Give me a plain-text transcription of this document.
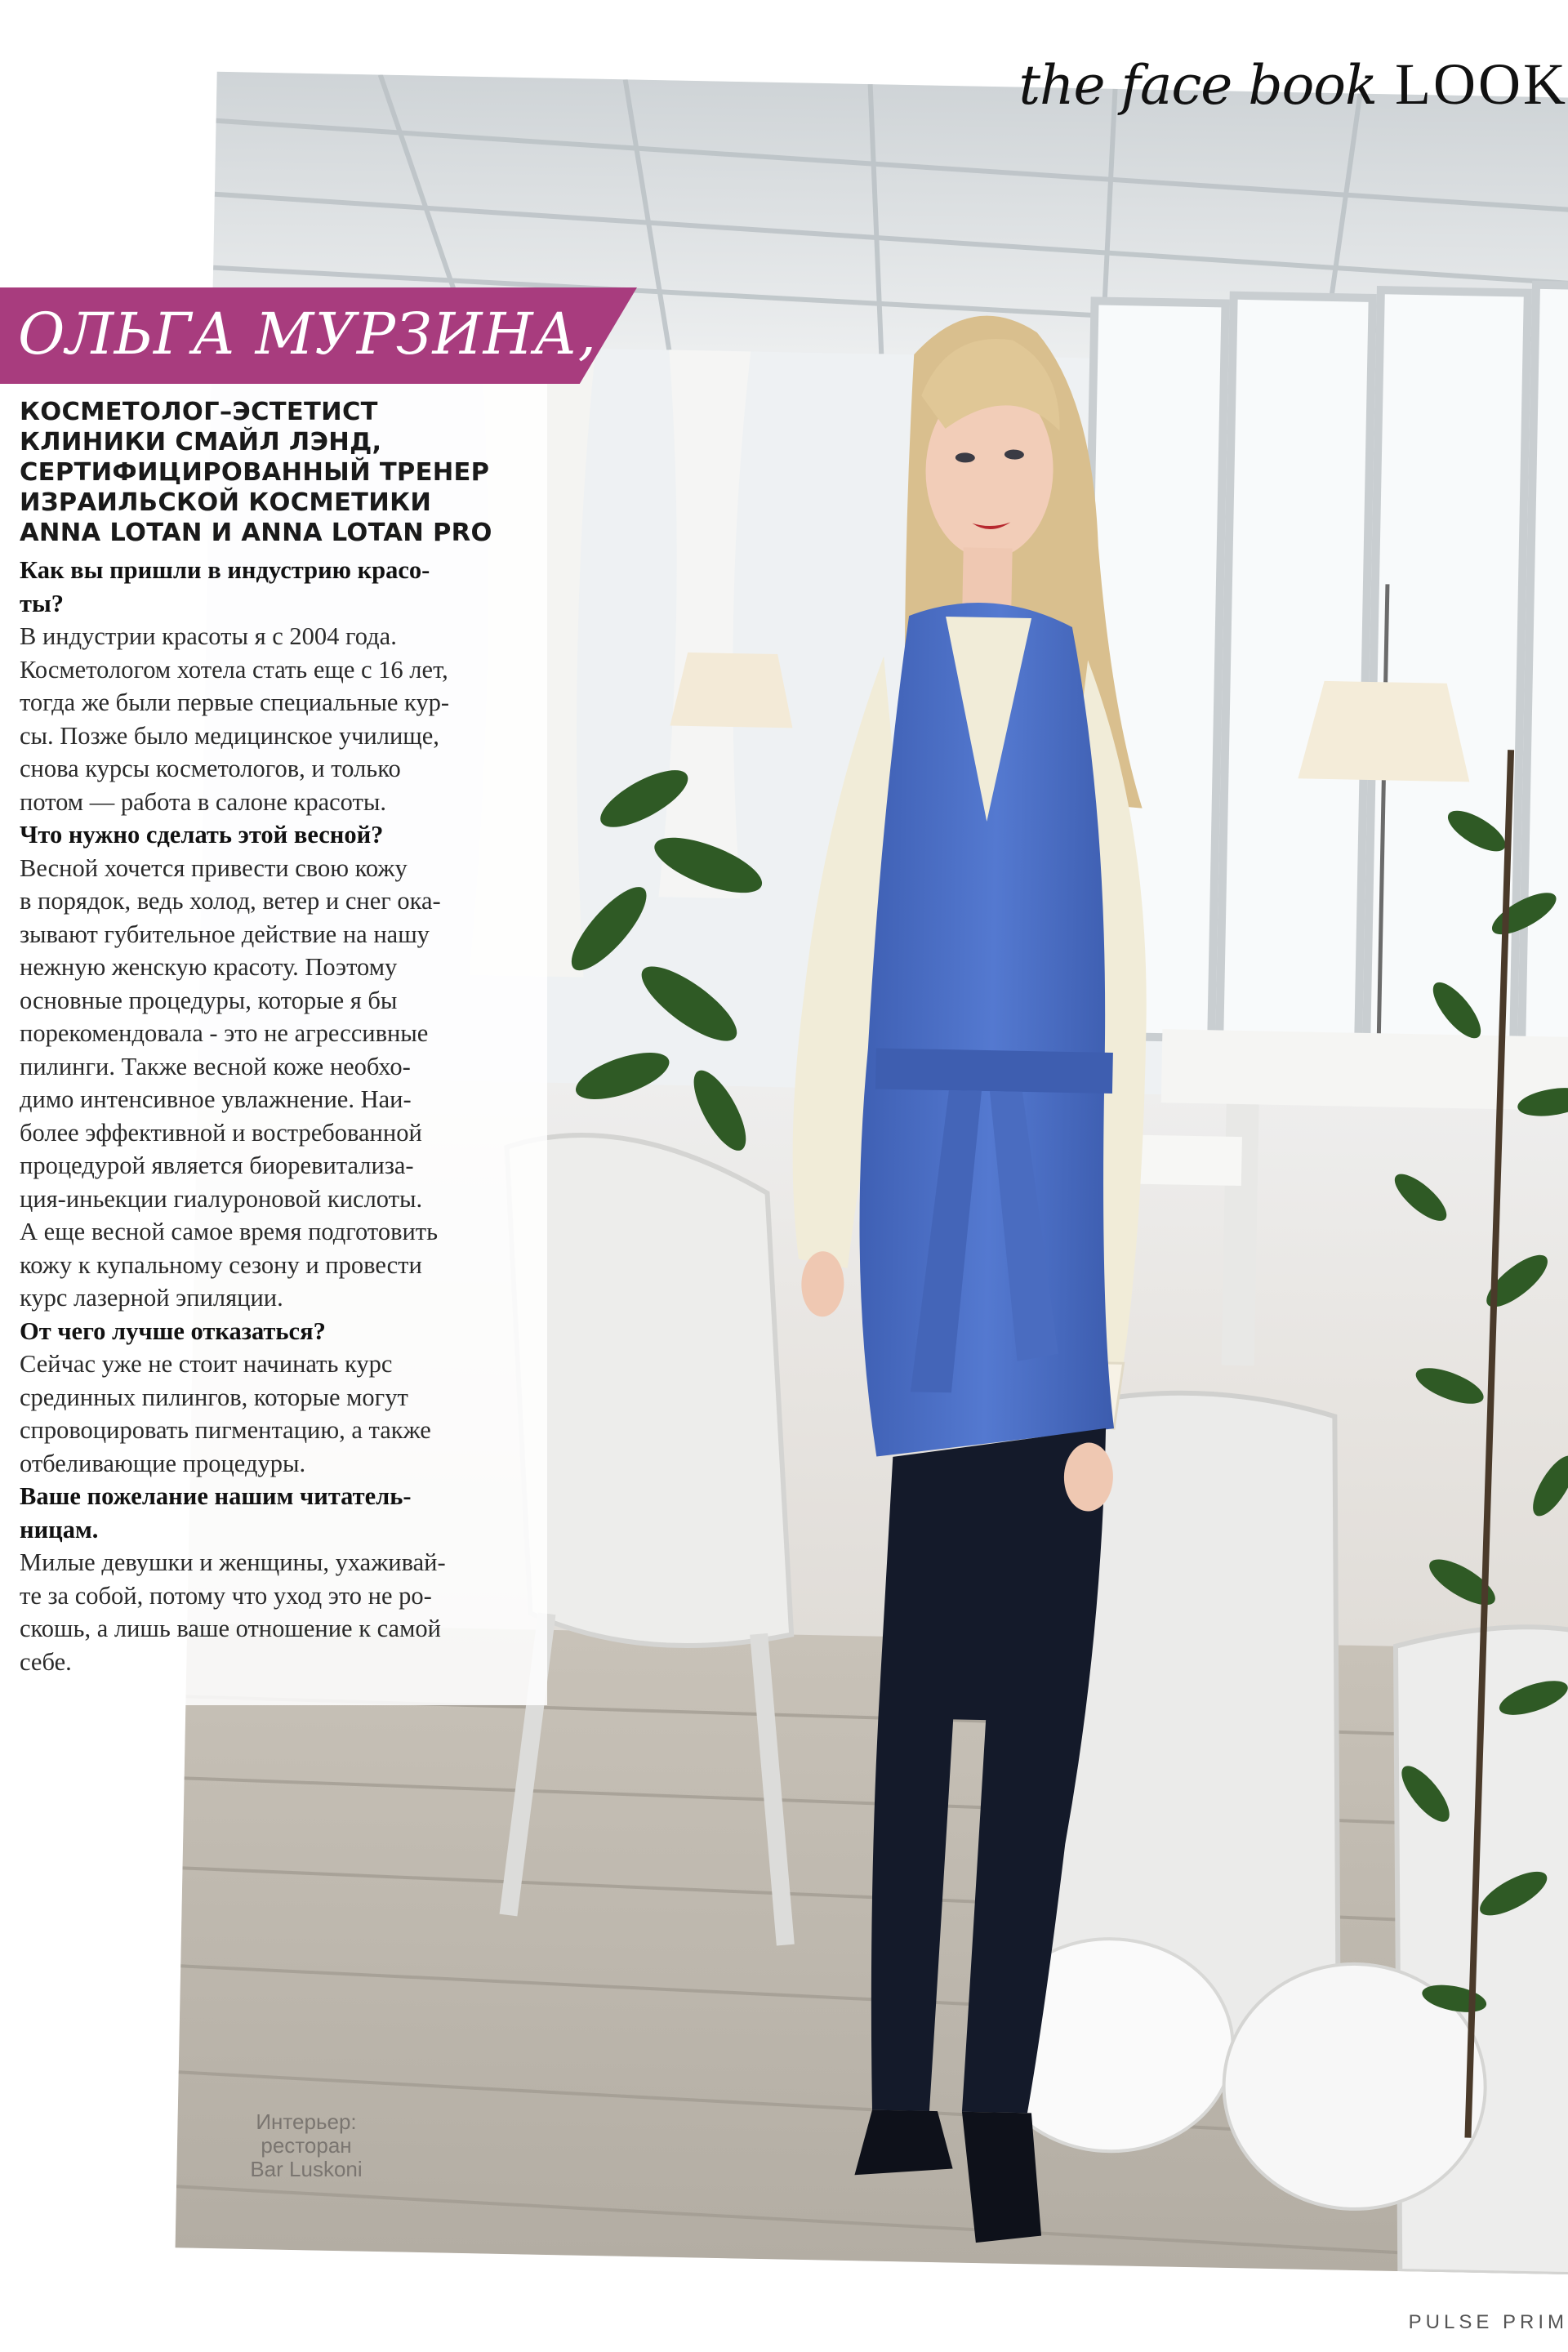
the face book LOOK
ОЛЬГА МУРЗИНА,
КОСМЕТОЛОГ–ЭСТЕТИСТ
КЛИНИКИ СМАЙЛ ЛЭНД,
СЕРТИФИЦИРОВАННЫЙ ТРЕНЕР
ИЗРАИЛЬСКОЙ КОСМЕТИКИ
ANNA LOTAN И ANNA LOTAN PRO
Как вы пришли в индустрию красо-
ты?
В индустрии красоты я с 2004 года.
Косметологом хотела стать еще с 16 лет,
тогда же были первые специальные кур-
сы. Позже было медицинское училище,
снова курсы косметологов, и только
потом — работа в салоне красоты.
Что нужно сделать этой весной?
Весной хочется привести свою кожу
в порядок, ведь холод, ветер и снег ока-
зывают губительное действие на нашу
нежную женскую красоту. Поэтому
основные процедуры, которые я бы
порекомендовала - это не агрессивные
пилинги. Также весной коже необхо-
димо интенсивное увлажнение. Наи-
более эффективной и востребованной
процедурой является биоревитализа-
ция-иньекции гиалуроновой кислоты.
А еще весной самое время подготовить
кожу к купальному сезону и провести
курс лазерной эпиляции.
От чего лучше отказаться?
Сейчас уже не стоит начинать курс
срединных пилингов, которые могут
спровоцировать пигментацию, а также
отбеливающие процедуры.
Ваше пожелание нашим читатель-
ницам.
Милые девушки и женщины, ухаживай-
те за собой, потому что уход это не ро-
скошь, а лишь ваше отношение к самой
себе.
Интерьер:
ресторан
Bar Luskoni
PULSE PRIM
